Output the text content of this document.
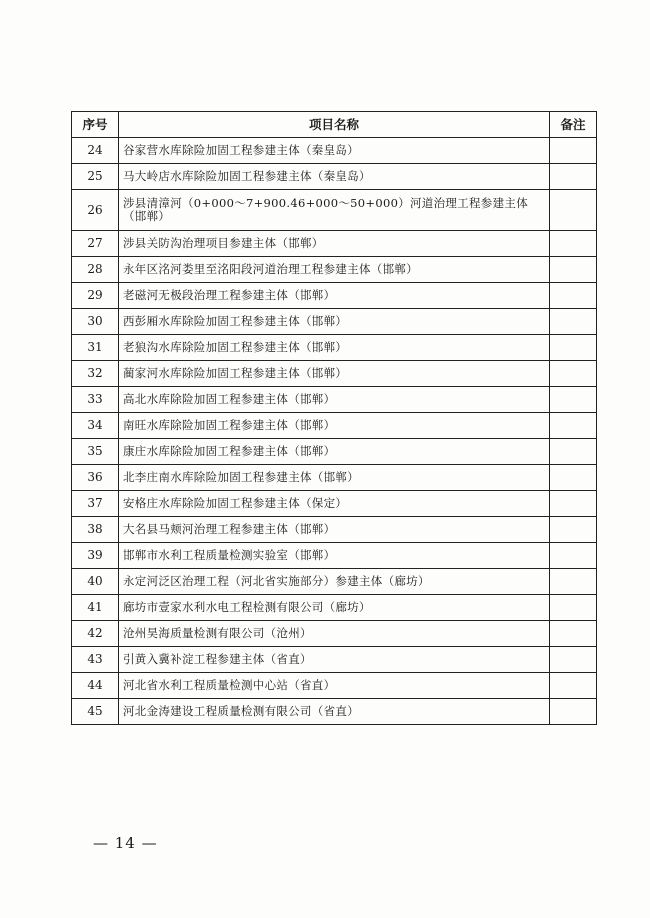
序号	项目名称	备注
24	谷家营水库除险加固工程参建主体（秦皇岛）	
25	马大岭店水库除险加固工程参建主体（秦皇岛）	
26	涉县清漳河（0+000～7+900.46+000～50+000）河道治理工程参建主体（邯郸）	
27	涉县关防沟治理项目参建主体（邯郸）	
28	永年区洺河娄里至洺阳段河道治理工程参建主体（邯郸）	
29	老磁河无极段治理工程参建主体（邯郸）	
30	西彭厢水库除险加固工程参建主体（邯郸）	
31	老狼沟水库除险加固工程参建主体（邯郸）	
32	蔺家河水库除险加固工程参建主体（邯郸）	
33	高北水库除险加固工程参建主体（邯郸）	
34	南旺水库除险加固工程参建主体（邯郸）	
35	康庄水库除险加固工程参建主体（邯郸）	
36	北李庄南水库除险加固工程参建主体（邯郸）	
37	安格庄水库除险加固工程参建主体（保定）	
38	大名县马颊河治理工程参建主体（邯郸）	
39	邯郸市水利工程质量检测实验室（邯郸）	
40	永定河泛区治理工程（河北省实施部分）参建主体（廊坊）	
41	廊坊市壹家水利水电工程检测有限公司（廊坊）	
42	沧州昊海质量检测有限公司（沧州）	
43	引黄入冀补淀工程参建主体（省直）	
44	河北省水利工程质量检测中心站（省直）	
45	河北金涛建设工程质量检测有限公司（省直）	
— 14 —
